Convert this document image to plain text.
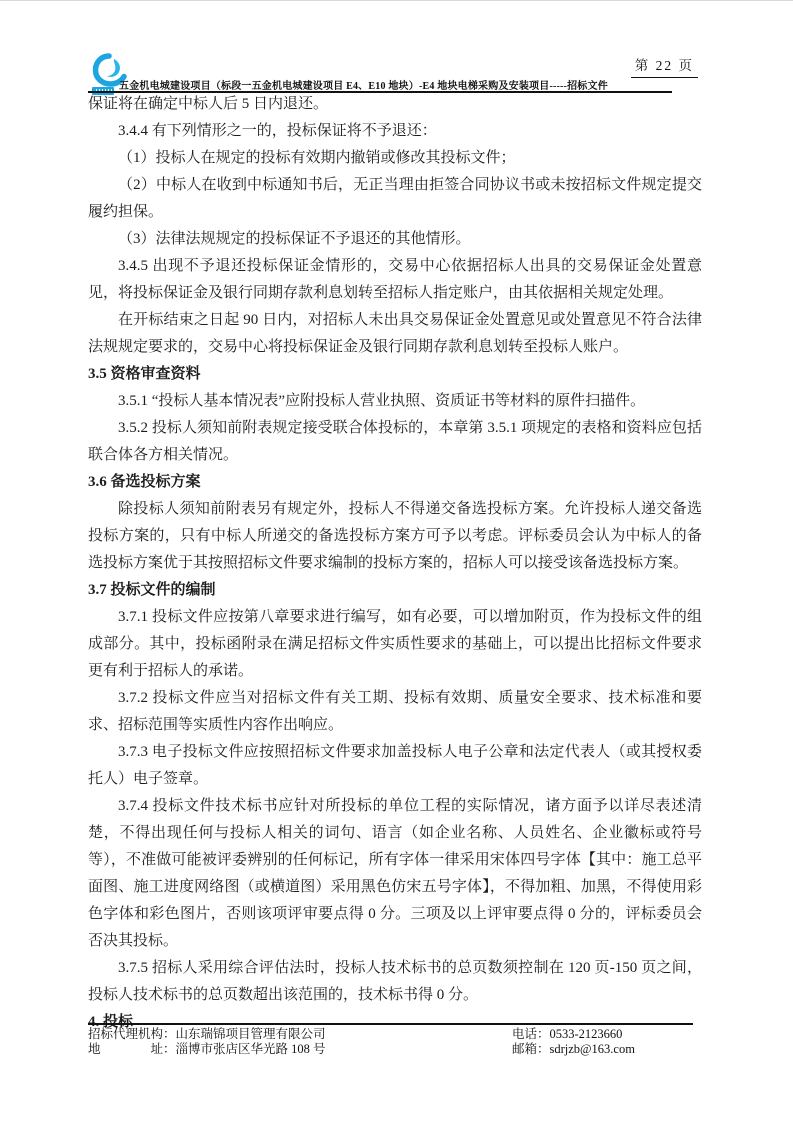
五金机电城建设项目（标段一五金机电城建设项目 E4、E10 地块）-E4 地块电梯采购及安装项目-----招标文件
第 22 页

保证将在确定中标人后 5 日内退还。

3.4.4 有下列情形之一的，投标保证将不予退还：

（1）投标人在规定的投标有效期内撤销或修改其投标文件；

（2）中标人在收到中标通知书后，无正当理由拒签合同协议书或未按招标文件规定提交履约担保。

（3）法律法规规定的投标保证不予退还的其他情形。

3.4.5 出现不予退还投标保证金情形的，交易中心依据招标人出具的交易保证金处置意见，将投标保证金及银行同期存款利息划转至招标人指定账户，由其依据相关规定处理。

在开标结束之日起 90 日内，对招标人未出具交易保证金处置意见或处置意见不符合法律法规规定要求的，交易中心将投标保证金及银行同期存款利息划转至投标人账户。

3.5 资格审查资料

3.5.1 “投标人基本情况表”应附投标人营业执照、资质证书等材料的原件扫描件。

3.5.2 投标人须知前附表规定接受联合体投标的，本章第 3.5.1 项规定的表格和资料应包括联合体各方相关情况。

3.6 备选投标方案

除投标人须知前附表另有规定外，投标人不得递交备选投标方案。允许投标人递交备选投标方案的，只有中标人所递交的备选投标方案方可予以考虑。评标委员会认为中标人的备选投标方案优于其按照招标文件要求编制的投标方案的，招标人可以接受该备选投标方案。

3.7 投标文件的编制

3.7.1 投标文件应按第八章要求进行编写，如有必要，可以增加附页，作为投标文件的组成部分。其中，投标函附录在满足招标文件实质性要求的基础上，可以提出比招标文件要求更有利于招标人的承诺。

3.7.2 投标文件应当对招标文件有关工期、投标有效期、质量安全要求、技术标准和要求、招标范围等实质性内容作出响应。

3.7.3 电子投标文件应按照招标文件要求加盖投标人电子公章和法定代表人（或其授权委托人）电子签章。

3.7.4 投标文件技术标书应针对所投标的单位工程的实际情况，诸方面予以详尽表述清楚，不得出现任何与投标人相关的词句、语言（如企业名称、人员姓名、企业徽标或符号等），不准做可能被评委辨别的任何标记，所有字体一律采用宋体四号字体【其中：施工总平面图、施工进度网络图（或横道图）采用黑色仿宋五号字体】，不得加粗、加黑，不得使用彩色字体和彩色图片，否则该项评审要点得 0 分。三项及以上评审要点得 0 分的，评标委员会否决其投标。

3.7.5 招标人采用综合评估法时，投标人技术标书的总页数须控制在 120 页-150 页之间，投标人技术标书的总页数超出该范围的，技术标书得 0 分。

4. 投标

招标代理机构：山东瑞锦项目管理有限公司	电话：0533-2123660
地　　　　址：淄博市张店区华光路 108 号	邮箱：sdrjzb@163.com
